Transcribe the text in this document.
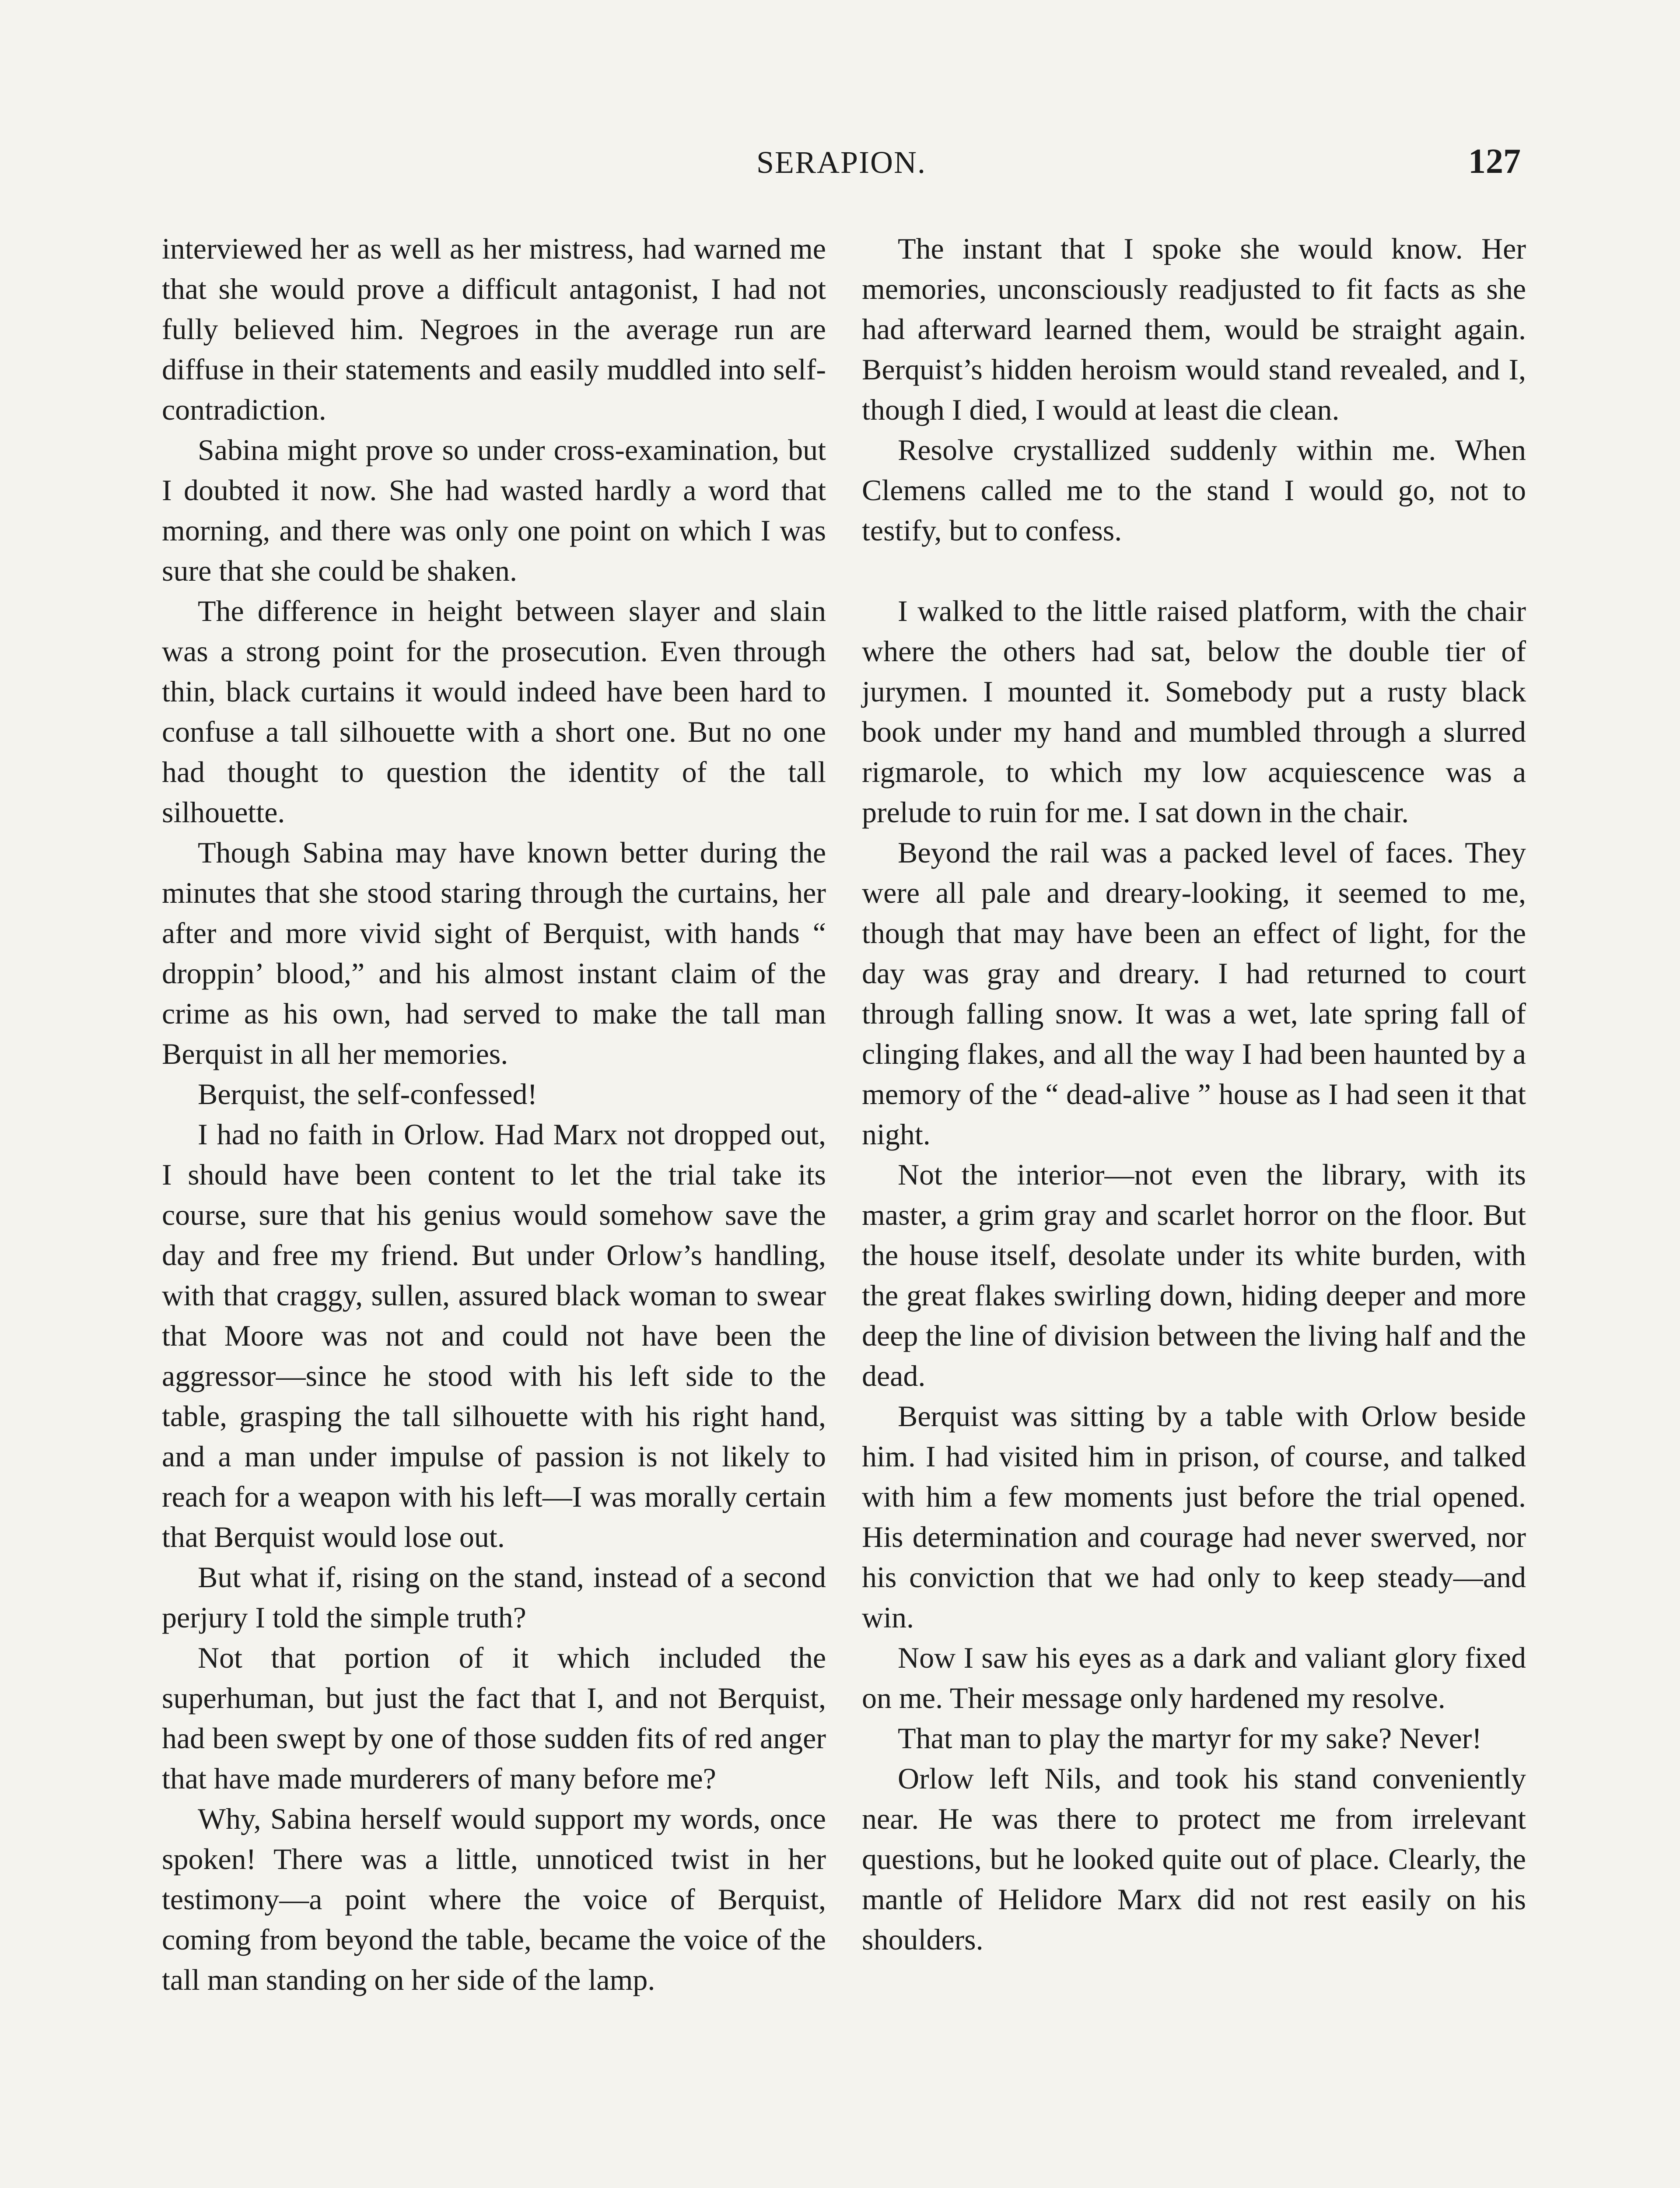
SERAPION.	127

interviewed her as well as her mistress, had warned me that she would prove a difficult antagonist, I had not fully believed him. Negroes in the average run are diffuse in their statements and easily muddled into self-contradiction.

Sabina might prove so under cross-examination, but I doubted it now. She had wasted hardly a word that morning, and there was only one point on which I was sure that she could be shaken.

The difference in height between slayer and slain was a strong point for the prosecution. Even through thin, black curtains it would indeed have been hard to confuse a tall silhouette with a short one. But no one had thought to question the identity of the tall silhouette.

Though Sabina may have known better during the minutes that she stood staring through the curtains, her after and more vivid sight of Berquist, with hands “ droppin’ blood,” and his almost instant claim of the crime as his own, had served to make the tall man Berquist in all her memories.

Berquist, the self-confessed!

I had no faith in Orlow. Had Marx not dropped out, I should have been content to let the trial take its course, sure that his genius would somehow save the day and free my friend. But under Orlow’s handling, with that craggy, sullen, assured black woman to swear that Moore was not and could not have been the aggressor—since he stood with his left side to the table, grasping the tall silhouette with his right hand, and a man under impulse of passion is not likely to reach for a weapon with his left—I was morally certain that Berquist would lose out.

But what if, rising on the stand, instead of a second perjury I told the simple truth?

Not that portion of it which included the superhuman, but just the fact that I, and not Berquist, had been swept by one of those sudden fits of red anger that have made murderers of many before me?

Why, Sabina herself would support my words, once spoken! There was a little, unnoticed twist in her testimony—a point where the voice of Berquist, coming from beyond the table, became the voice of the tall man standing on her side of the lamp.

The instant that I spoke she would know. Her memories, unconsciously readjusted to fit facts as she had afterward learned them, would be straight again. Berquist’s hidden heroism would stand revealed, and I, though I died, I would at least die clean.

Resolve crystallized suddenly within me. When Clemens called me to the stand I would go, not to testify, but to confess.

I walked to the little raised platform, with the chair where the others had sat, below the double tier of jurymen. I mounted it. Somebody put a rusty black book under my hand and mumbled through a slurred rigmarole, to which my low acquiescence was a prelude to ruin for me. I sat down in the chair.

Beyond the rail was a packed level of faces. They were all pale and dreary-looking, it seemed to me, though that may have been an effect of light, for the day was gray and dreary. I had returned to court through falling snow. It was a wet, late spring fall of clinging flakes, and all the way I had been haunted by a memory of the “ dead-alive ” house as I had seen it that night.

Not the interior—not even the library, with its master, a grim gray and scarlet horror on the floor. But the house itself, desolate under its white burden, with the great flakes swirling down, hiding deeper and more deep the line of division between the living half and the dead.

Berquist was sitting by a table with Orlow beside him. I had visited him in prison, of course, and talked with him a few moments just before the trial opened. His determination and courage had never swerved, nor his conviction that we had only to keep steady—and win.

Now I saw his eyes as a dark and valiant glory fixed on me. Their message only hardened my resolve.

That man to play the martyr for my sake? Never!

Orlow left Nils, and took his stand conveniently near. He was there to protect me from irrelevant questions, but he looked quite out of place. Clearly, the mantle of Helidore Marx did not rest easily on his shoulders.
